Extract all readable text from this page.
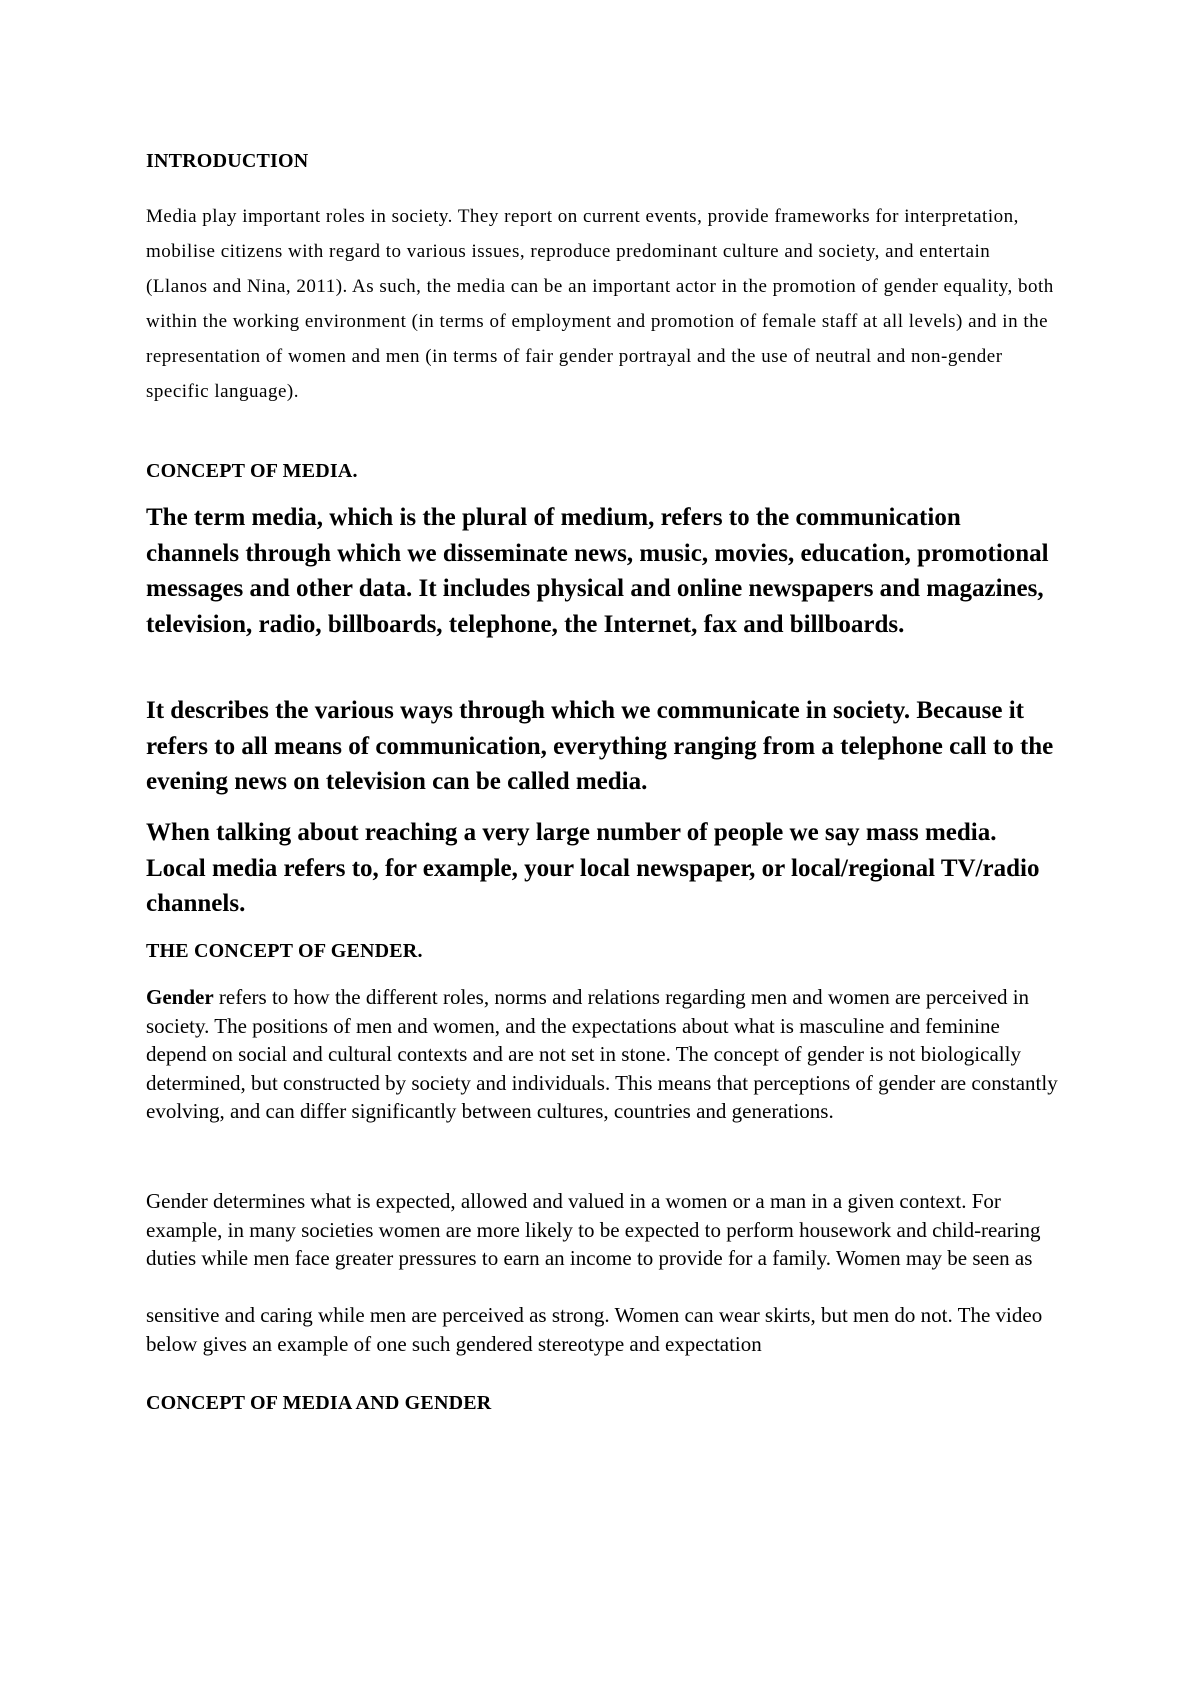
INTRODUCTION

Media play important roles in society. They report on current events, provide frameworks for interpretation, mobilise citizens with regard to various issues, reproduce predominant culture and society, and entertain (Llanos and Nina, 2011). As such, the media can be an important actor in the promotion of gender equality, both within the working environment (in terms of employment and promotion of female staff at all levels) and in the representation of women and men (in terms of fair gender portrayal and the use of neutral and non-gender specific language).

CONCEPT OF MEDIA.

The term media, which is the plural of medium, refers to the communication channels through which we disseminate news, music, movies, education, promotional messages and other data. It includes physical and online newspapers and magazines, television, radio, billboards, telephone, the Internet, fax and billboards.

It describes the various ways through which we communicate in society. Because it refers to all means of communication, everything ranging from a telephone call to the evening news on television can be called media.

When talking about reaching a very large number of people we say mass media. Local media refers to, for example, your local newspaper, or local/regional TV/radio channels.

THE CONCEPT OF GENDER.

Gender refers to how the different roles, norms and relations regarding men and women are perceived in society. The positions of men and women, and the expectations about what is masculine and feminine depend on social and cultural contexts and are not set in stone. The concept of gender is not biologically determined, but constructed by society and individuals. This means that perceptions of gender are constantly evolving, and can differ significantly between cultures, countries and generations.

Gender determines what is expected, allowed and valued in a women or a man in a given context. For example, in many societies women are more likely to be expected to perform housework and child-rearing duties while men face greater pressures to earn an income to provide for a family. Women may be seen as

sensitive and caring while men are perceived as strong. Women can wear skirts, but men do not. The video below gives an example of one such gendered stereotype and expectation

CONCEPT OF MEDIA AND GENDER
